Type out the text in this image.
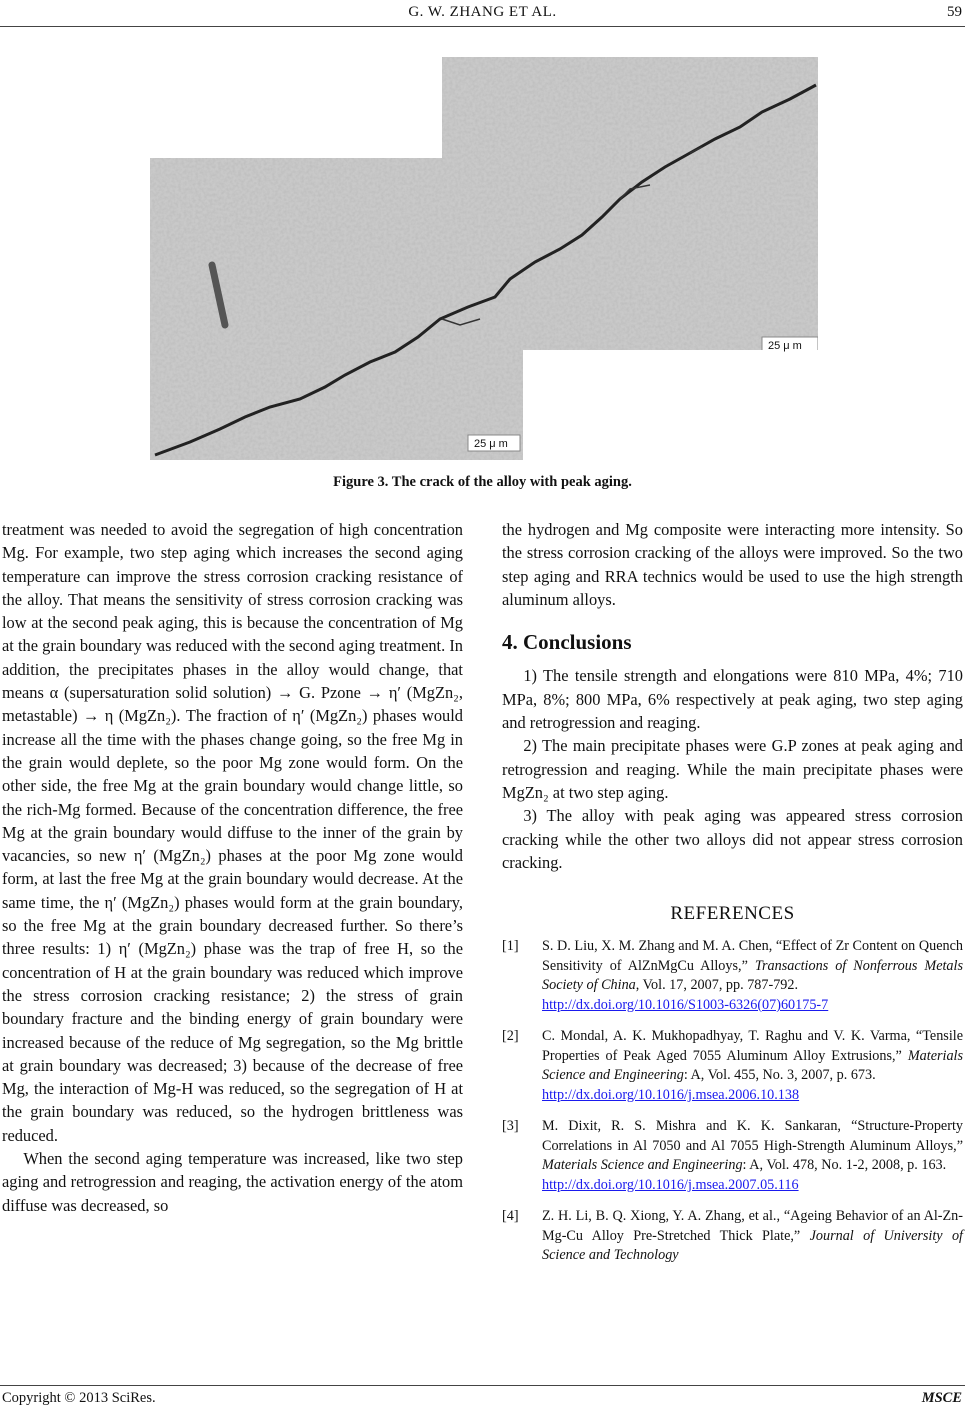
G. W. ZHANG ET AL.	59
25 μ m
25 μ m
Figure 3. The crack of the alloy with peak aging.

treatment was needed to avoid the segregation of high concentration Mg. For example, two step aging which increases the second aging temperature can improve the stress corrosion cracking resistance of the alloy. That means the sensitivity of stress corrosion cracking was low at the second peak aging, this is because the concentration of Mg at the grain boundary was reduced with the second aging treatment. In addition, the precipitates phases in the alloy would change, that means α (supersaturation solid solution) → G. Pzone → η′ (MgZn₂, metastable) → η (MgZn₂). The fraction of η′ (MgZn₂) phases would increase all the time with the phases change going, so the free Mg in the grain would deplete, so the poor Mg zone would form. On the other side, the free Mg at the grain boundary would change little, so the rich-Mg formed. Because of the concentration difference, the free Mg at the grain boundary would diffuse to the inner of the grain by vacancies, so new η′ (MgZn₂) phases at the poor Mg zone would form, at last the free Mg at the grain boundary would decrease. At the same time, the η′ (MgZn₂) phases would form at the grain boundary, so the free Mg at the grain boundary decreased further. So there’s three results: 1) η′ (MgZn₂) phase was the trap of free H, so the concentration of H at the grain boundary was reduced which improve the stress corrosion cracking resistance; 2) the stress of grain boundary fracture and the binding energy of grain boundary were increased because of the reduce of Mg segregation, so the Mg brittle at grain boundary was decreased; 3) because of the decrease of free Mg, the interaction of Mg-H was reduced, so the segregation of H at the grain boundary was reduced, so the hydrogen brittleness was reduced.

When the second aging temperature was increased, like two step aging and retrogression and reaging, the activation energy of the atom diffuse was decreased, so

the hydrogen and Mg composite were interacting more intensity. So the stress corrosion cracking of the alloys were improved. So the two step aging and RRA technics would be used to use the high strength aluminum alloys.

4. Conclusions

1) The tensile strength and elongations were 810 MPa, 4%; 710 MPa, 8%; 800 MPa, 6% respectively at peak aging, two step aging and retrogression and reaging.

2) The main precipitate phases were G.P zones at peak aging and retrogression and reaging. While the main precipitate phases were MgZn₂ at two step aging.

3) The alloy with peak aging was appeared stress corrosion cracking while the other two alloys did not appear stress corrosion cracking.

REFERENCES
[1] S. D. Liu, X. M. Zhang and M. A. Chen, “Effect of Zr Content on Quench Sensitivity of AlZnMgCu Alloys,” Transactions of Nonferrous Metals Society of China, Vol. 17, 2007, pp. 787-792.
http://dx.doi.org/10.1016/S1003-6326(07)60175-7
[2] C. Mondal, A. K. Mukhopadhyay, T. Raghu and V. K. Varma, “Tensile Properties of Peak Aged 7055 Aluminum Alloy Extrusions,” Materials Science and Engineering: A, Vol. 455, No. 3, 2007, p. 673.
http://dx.doi.org/10.1016/j.msea.2006.10.138
[3] M. Dixit, R. S. Mishra and K. K. Sankaran, “Structure-Property Correlations in Al 7050 and Al 7055 High-Strength Aluminum Alloys,” Materials Science and Engineering: A, Vol. 478, No. 1-2, 2008, p. 163.
http://dx.doi.org/10.1016/j.msea.2007.05.116
[4] Z. H. Li, B. Q. Xiong, Y. A. Zhang, et al., “Ageing Behavior of an Al-Zn-Mg-Cu Alloy Pre-Stretched Thick Plate,” Journal of University of Science and Technology
Copyright © 2013 SciRes.	MSCE
